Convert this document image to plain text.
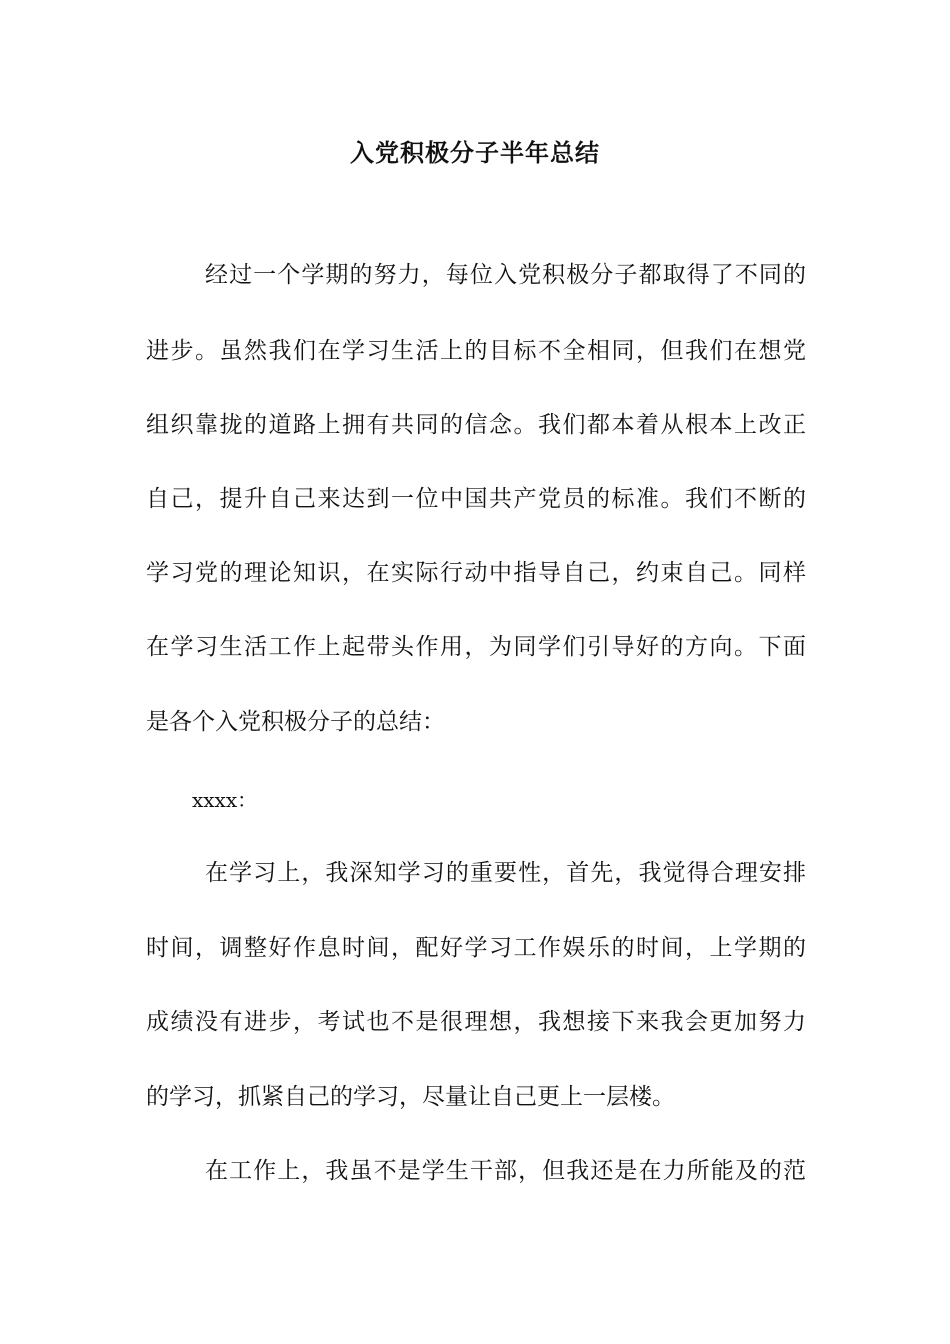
入党积极分子半年总结
经过一个学期的努力，每位入党积极分子都取得了不同的
进步。虽然我们在学习生活上的目标不全相同，但我们在想党
组织靠拢的道路上拥有共同的信念。我们都本着从根本上改正
自己，提升自己来达到一位中国共产党员的标准。我们不断的
学习党的理论知识，在实际行动中指导自己，约束自己。同样
在学习生活工作上起带头作用，为同学们引导好的方向。下面
是各个入党积极分子的总结：
xxxx：
在学习上，我深知学习的重要性，首先，我觉得合理安排
时间，调整好作息时间，配好学习工作娱乐的时间，上学期的
成绩没有进步，考试也不是很理想，我想接下来我会更加努力
的学习，抓紧自己的学习，尽量让自己更上一层楼。
在工作上，我虽不是学生干部，但我还是在力所能及的范
